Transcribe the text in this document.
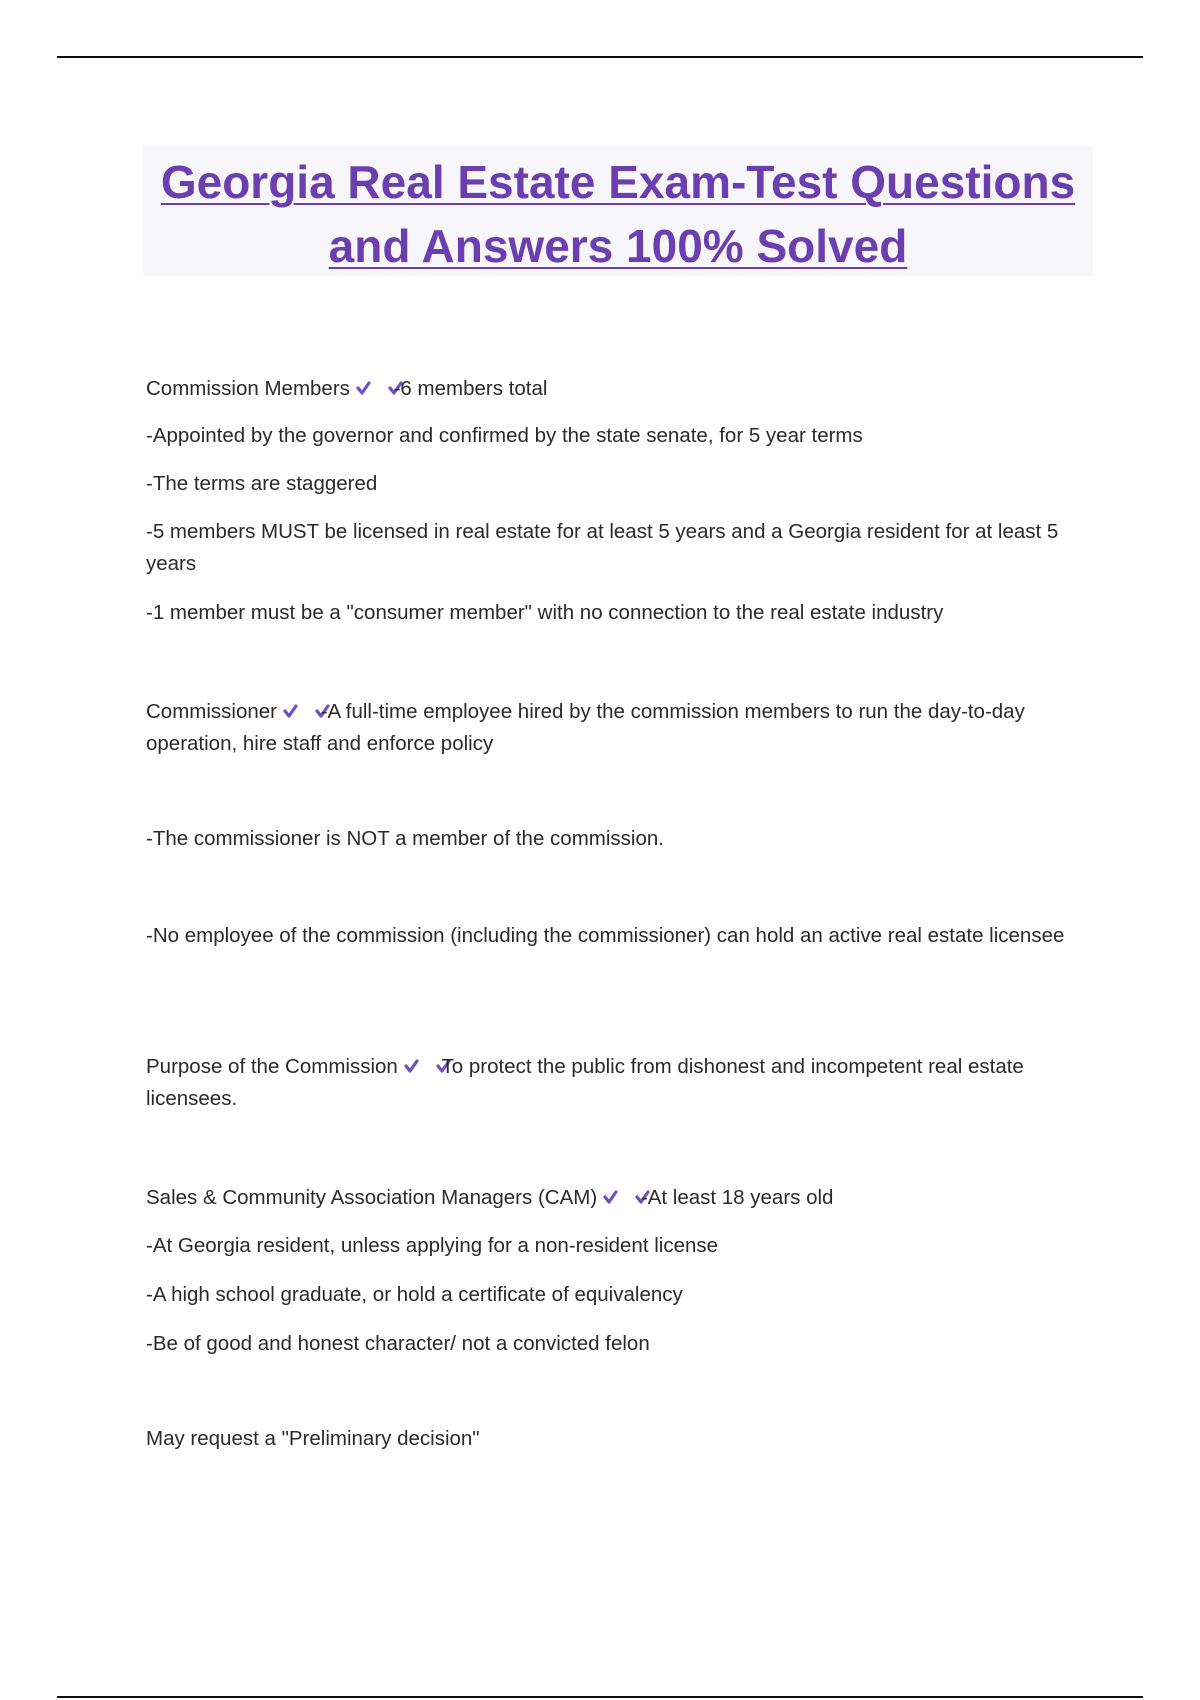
Georgia Real Estate Exam-Test Questions

and Answers 100% Solved

Commission Members -6 members total

-Appointed by the governor and confirmed by the state senate, for 5 year terms

-The terms are staggered

-5 members MUST be licensed in real estate for at least 5 years and a Georgia resident for at least 5 years

-1 member must be a "consumer member" with no connection to the real estate industry

Commissioner -A full-time employee hired by the commission members to run the day-to-day operation, hire staff and enforce policy

-The commissioner is NOT a member of the commission.

-No employee of the commission (including the commissioner) can hold an active real estate licensee

Purpose of the Commission To protect the public from dishonest and incompetent real estate licensees.

Sales & Community Association Managers (CAM) -At least 18 years old

-At Georgia resident, unless applying for a non-resident license

-A high school graduate, or hold a certificate of equivalency

-Be of good and honest character/ not a convicted felon

May request a "Preliminary decision"
